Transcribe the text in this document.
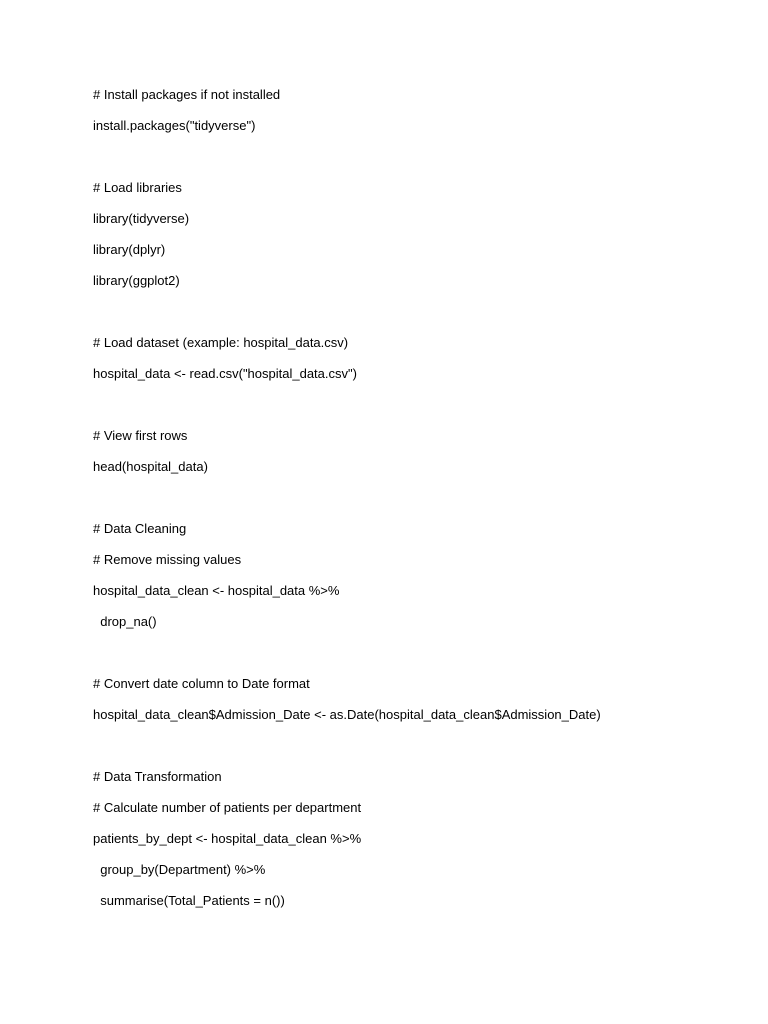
# Install packages if not installed
install.packages("tidyverse")
# Load libraries
library(tidyverse)
library(dplyr)
library(ggplot2)
# Load dataset (example: hospital_data.csv)
hospital_data <- read.csv("hospital_data.csv")
# View first rows
head(hospital_data)
# Data Cleaning
# Remove missing values
hospital_data_clean <- hospital_data %>%
drop_na()
# Convert date column to Date format
hospital_data_clean$Admission_Date <- as.Date(hospital_data_clean$Admission_Date)
# Data Transformation
# Calculate number of patients per department
patients_by_dept <- hospital_data_clean %>%
group_by(Department) %>%
summarise(Total_Patients = n())
